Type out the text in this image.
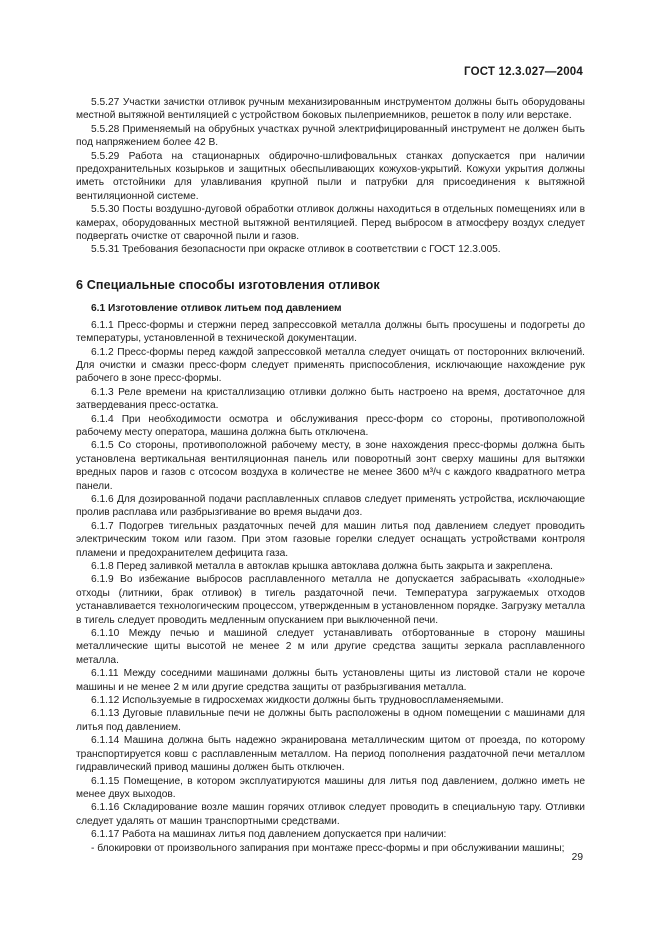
ГОСТ 12.3.027—2004

5.5.27 Участки зачистки отливок ручным механизированным инструментом должны быть оборудованы местной вытяжной вентиляцией с устройством боковых пылеприемников, решеток в полу или верстаке.

5.5.28 Применяемый на обрубных участках ручной электрифицированный инструмент не должен быть под напряжением более 42 В.

5.5.29 Работа на стационарных обдирочно-шлифовальных станках допускается при наличии предохранительных козырьков и защитных обеспыливающих кожухов-укрытий. Кожухи укрытия должны иметь отстойники для улавливания крупной пыли и патрубки для присоединения к вытяжной вентиляционной системе.

5.5.30 Посты воздушно-дуговой обработки отливок должны находиться в отдельных помещениях или в камерах, оборудованных местной вытяжной вентиляцией. Перед выбросом в атмосферу воздух следует подвергать очистке от сварочной пыли и газов.

5.5.31 Требования безопасности при окраске отливок в соответствии с ГОСТ 12.3.005.

6 Специальные способы изготовления отливок
6.1 Изготовление отливок литьем под давлением

6.1.1 Пресс-формы и стержни перед запрессовкой металла должны быть просушены и подогреты до температуры, установленной в технической документации.

6.1.2 Пресс-формы перед каждой запрессовкой металла следует очищать от посторонних включений. Для очистки и смазки пресс-форм следует применять приспособления, исключающие нахождение рук рабочего в зоне пресс-формы.

6.1.3 Реле времени на кристаллизацию отливки должно быть настроено на время, достаточное для затвердевания пресс-остатка.

6.1.4 При необходимости осмотра и обслуживания пресс-форм со стороны, противоположной рабочему месту оператора, машина должна быть отключена.

6.1.5 Со стороны, противоположной рабочему месту, в зоне нахождения пресс-формы должна быть установлена вертикальная вентиляционная панель или поворотный зонт сверху машины для вытяжки вредных паров и газов с отсосом воздуха в количестве не менее 3600 м³/ч с каждого квадратного метра панели.

6.1.6 Для дозированной подачи расплавленных сплавов следует применять устройства, исключающие пролив расплава или разбрызгивание во время выдачи доз.

6.1.7 Подогрев тигельных раздаточных печей для машин литья под давлением следует проводить электрическим током или газом. При этом газовые горелки следует оснащать устройствами контроля пламени и предохранителем дефицита газа.

6.1.8 Перед заливкой металла в автоклав крышка автоклава должна быть закрыта и закреплена.

6.1.9 Во избежание выбросов расплавленного металла не допускается забрасывать «холодные» отходы (литники, брак отливок) в тигель раздаточной печи. Температура загружаемых отходов устанавливается технологическим процессом, утвержденным в установленном порядке. Загрузку металла в тигель следует проводить медленным опусканием при выключенной печи.

6.1.10 Между печью и машиной следует устанавливать отбортованные в сторону машины металлические щиты высотой не менее 2 м или другие средства защиты зеркала расплавленного металла.

6.1.11 Между соседними машинами должны быть установлены щиты из листовой стали не короче машины и не менее 2 м или другие средства защиты от разбрызгивания металла.

6.1.12 Используемые в гидросхемах жидкости должны быть трудновоспламеняемыми.

6.1.13 Дуговые плавильные печи не должны быть расположены в одном помещении с машинами для литья под давлением.

6.1.14 Машина должна быть надежно экранирована металлическим щитом от проезда, по которому транспортируется ковш с расплавленным металлом. На период пополнения раздаточной печи металлом гидравлический привод машины должен быть отключен.

6.1.15 Помещение, в котором эксплуатируются машины для литья под давлением, должно иметь не менее двух выходов.

6.1.16 Складирование возле машин горячих отливок следует проводить в специальную тару. Отливки следует удалять от машин транспортными средствами.

6.1.17 Работа на машинах литья под давлением допускается при наличии:

- блокировки от произвольного запирания при монтаже пресс-формы и при обслуживании машины;

29
